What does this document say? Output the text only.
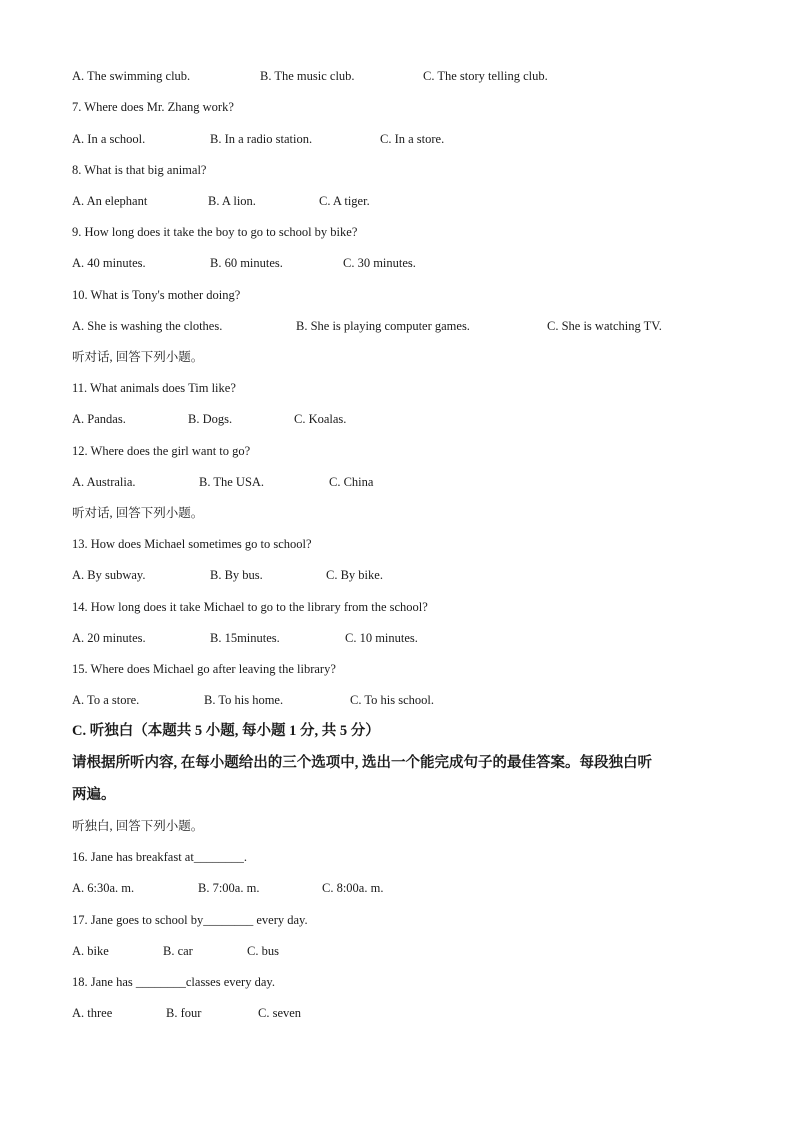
A. The swimming club.	B. The music club.	C. The story telling club.
7. Where does Mr. Zhang work?
A. In a school.	B. In a radio station.	C. In a store.
8. What is that big animal?
A. An elephant	B. A lion.	C. A tiger.
9. How long does it take the boy to go to school by bike?
A. 40 minutes.	B. 60 minutes.	C. 30 minutes.
10. What is Tony's mother doing?
A. She is washing the clothes.	B. She is playing computer games.	C. She is watching TV.
听对话, 回答下列小题。
11. What animals does Tim like?
A. Pandas.	B. Dogs.	C. Koalas.
12. Where does the girl want to go?
A. Australia.	B. The USA.	C. China
听对话, 回答下列小题。
13. How does Michael sometimes go to school?
A. By subway.	B. By bus.	C. By bike.
14. How long does it take Michael to go to the library from the school?
A. 20 minutes.	B. 15minutes.	C. 10 minutes.
15. Where does Michael go after leaving the library?
A. To a store.	B. To his home.	C. To his school.
C. 听独白（本题共 5 小题, 每小题 1 分, 共 5 分）
请根据所听内容, 在每小题给出的三个选项中, 选出一个能完成句子的最佳答案。每段独白听
两遍。
听独白, 回答下列小题。
16. Jane has breakfast at________.
A. 6:30a. m.	B. 7:00a. m.	C. 8:00a. m.
17. Jane goes to school by________ every day.
A. bike	B. car	C. bus
18. Jane has ________classes every day.
A. three	B. four	C. seven
